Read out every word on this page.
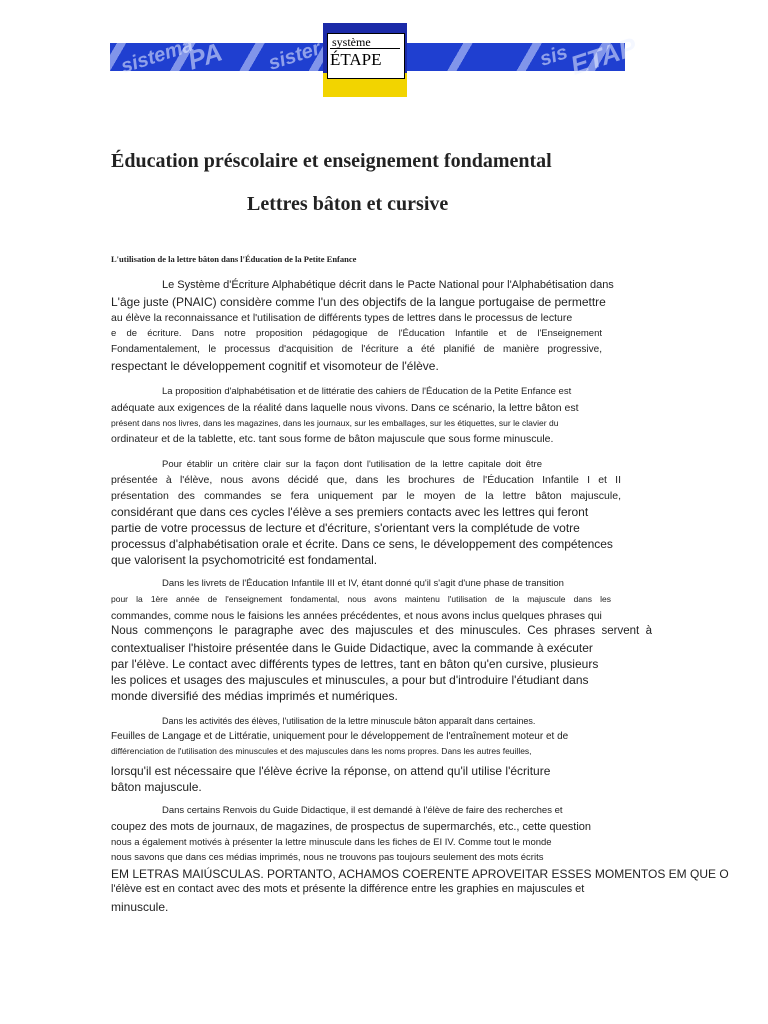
sistema
PA sister	sis
ETAP
système
ÉTAPE
Éducation préscolaire et enseignement fondamental
Lettres bâton et cursive

L'utilisation de la lettre bâton dans l'Éducation de la Petite Enfance

Le Système d'Écriture Alphabétique décrit dans le Pacte National pour l'Alphabétisation dans
L'âge juste (PNAIC) considère comme l'un des objectifs de la langue portugaise de permettre
au élève la reconnaissance et l'utilisation de différents types de lettres dans le processus de lecture
e de écriture. Dans notre proposition pédagogique de l'Éducation Infantile et de l'Enseignement
Fondamentalement, le processus d'acquisition de l'écriture a été planifié de manière progressive,
respectant le développement cognitif et visomoteur de l'élève.
La proposition d'alphabétisation et de littératie des cahiers de l'Éducation de la Petite Enfance est
adéquate aux exigences de la réalité dans laquelle nous vivons. Dans ce scénario, la lettre bâton est
présent dans nos livres, dans les magazines, dans les journaux, sur les emballages, sur les étiquettes, sur le clavier du
ordinateur et de la tablette, etc. tant sous forme de bâton majuscule que sous forme minuscule.
Pour établir un critère clair sur la façon dont l'utilisation de la lettre capitale doit être
présentée à l'élève, nous avons décidé que, dans les brochures de l'Éducation Infantile I et II
présentation des commandes se fera uniquement par le moyen de la lettre bâton majuscule,
considérant que dans ces cycles l'élève a ses premiers contacts avec les lettres qui feront
partie de votre processus de lecture et d'écriture, s'orientant vers la complétude de votre
processus d'alphabétisation orale et écrite. Dans ce sens, le développement des compétences
que valorisent la psychomotricité est fondamental.
Dans les livrets de l'Éducation Infantile III et IV, étant donné qu'il s'agit d'une phase de transition
pour la 1ère année de l'enseignement fondamental, nous avons maintenu l'utilisation de la majuscule dans les
commandes, comme nous le faisions les années précédentes, et nous avons inclus quelques phrases qui
Nous commençons le paragraphe avec des majuscules et des minuscules. Ces phrases servent à
contextualiser l'histoire présentée dans le Guide Didactique, avec la commande à exécuter
par l'élève. Le contact avec différents types de lettres, tant en bâton qu'en cursive, plusieurs
les polices et usages des majuscules et minuscules, a pour but d'introduire l'étudiant dans
monde diversifié des médias imprimés et numériques.
Dans les activités des élèves, l'utilisation de la lettre minuscule bâton apparaît dans certaines.
Feuilles de Langage et de Littératie, uniquement pour le développement de l'entraînement moteur et de
différenciation de l'utilisation des minuscules et des majuscules dans les noms propres. Dans les autres feuilles,
lorsqu'il est nécessaire que l'élève écrive la réponse, on attend qu'il utilise l'écriture
bâton majuscule.
Dans certains Renvois du Guide Didactique, il est demandé à l'élève de faire des recherches et
coupez des mots de journaux, de magazines, de prospectus de supermarchés, etc., cette question
nous a également motivés à présenter la lettre minuscule dans les fiches de EI IV. Comme tout le monde
nous savons que dans ces médias imprimés, nous ne trouvons pas toujours seulement des mots écrits
EM LETRAS MAIÚSCULAS. PORTANTO, ACHAMOS COERENTE APROVEITAR ESSES MOMENTOS EM QUE O
l'élève est en contact avec des mots et présente la différence entre les graphies en majuscules et
minuscule.
